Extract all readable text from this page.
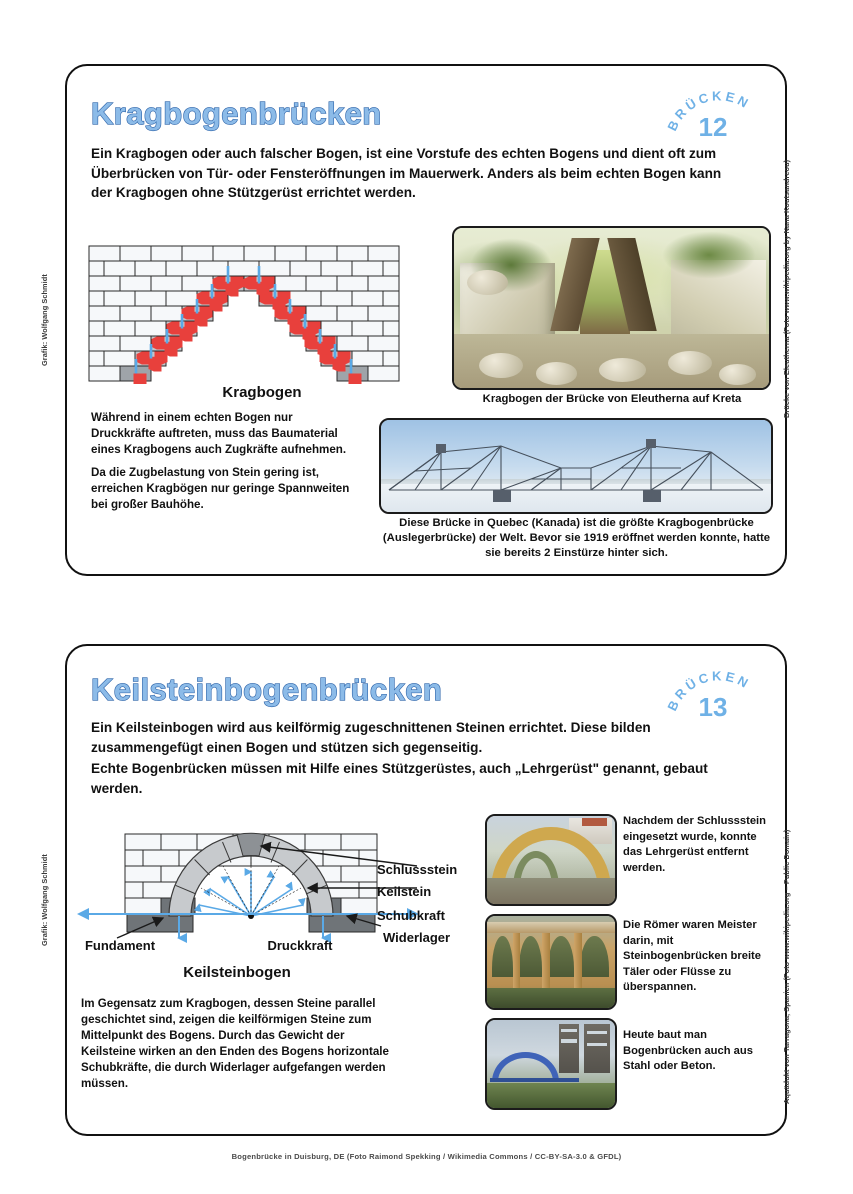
Kragbogenbrücken	BRÜCKEN
12

Ein Kragbogen oder auch falscher Bogen, ist eine Vorstufe des echten Bogens und dient oft zum Überbrücken von Tür- oder Fensteröffnungen im Mauerwerk. Anders als beim echten Bogen kann der Kragbogen ohne Stützgerüst errichtet werden.

Kragbogen

Während in einem echten Bogen nur Druckkräfte auftreten, muss das Baumaterial eines Kragbogens auch Zugkräfte aufnehmen.

Da die Zugbelastung von Stein gering ist, erreichen Kragbögen nur geringe Spannweiten bei großer Bauhöhe.

Kragbogen der Brücke von Eleutherna auf Kreta
Diese Brücke in Quebec (Kanada) ist die größte Kragbogenbrücke (Auslegerbrücke) der Welt. Bevor sie 1919 eröffnet werden konnte, hatte sie bereits 2 Einstürze hinter sich.
Grafik: Wolfgang Schmidt	Brücke von Eleutherna (Foto www.wikipedia.org by Nana Koutsandreou)
Keilsteinbogenbrücken	BRÜCKEN
13

Ein Keilsteinbogen wird aus keilförmig zugeschnittenen Steinen errichtet. Diese bilden zusammengefügt einen Bogen und stützen sich gegenseitig.

Echte Bogenbrücken müssen mit Hilfe eines Stützgerüstes, auch „Lehrgerüst" genannt, gebaut werden.

Schlussstein
Keilstein
Schubkraft
Widerlager
Fundament	Druckkraft
Keilsteinbogen

Im Gegensatz zum Kragbogen, dessen Steine parallel geschichtet sind, zeigen die keilförmigen Steine zum Mittelpunkt des Bogens. Durch das Gewicht der Keilsteine wirken an den Enden des Bogens horizontale Schubkräfte, die durch Widerlager aufgefangen werden müssen.

Nachdem der Schlussstein eingesetzt wurde, konnte das Lehrgerüst entfernt werden.
Die Römer waren Meister darin, mit Steinbogenbrücken breite Täler oder Flüsse zu überspannen.
Heute baut man Bogenbrücken auch aus Stahl oder Beton.
Grafik: Wolfgang Schmidt	Aquädukt von Tarragona, Spanien (Foto www.wikipedia.org – Public Domain)
Bogenbrücke in Duisburg, DE (Foto Raimond Spekking / Wikimedia Commons / CC-BY-SA-3.0 & GFDL)
